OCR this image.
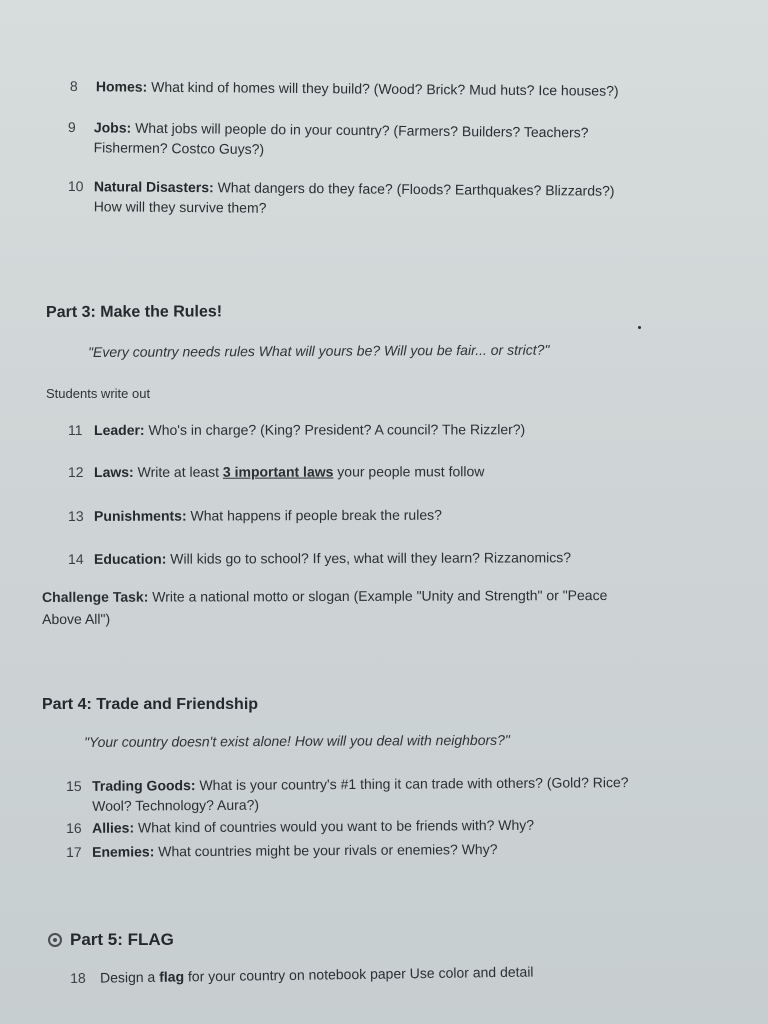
8 Homes: What kind of homes will they build? (Wood? Brick? Mud huts? Ice houses?)
9 Jobs: What jobs will people do in your country? (Farmers? Builders? Teachers?
Fishermen? Costco Guys?)
10 Natural Disasters: What dangers do they face? (Floods? Earthquakes? Blizzards?)
How will they survive them?
Part 3: Make the Rules!
"Every country needs rules What will yours be? Will you be fair... or strict?"
Students write out
11 Leader: Who's in charge? (King? President? A council? The Rizzler?)
12 Laws: Write at least 3 important laws your people must follow
13 Punishments: What happens if people break the rules?
14 Education: Will kids go to school? If yes, what will they learn? Rizzanomics?
Challenge Task: Write a national motto or slogan (Example "Unity and Strength" or "Peace
Above All")
Part 4: Trade and Friendship
"Your country doesn't exist alone! How will you deal with neighbors?"
15 Trading Goods: What is your country's #1 thing it can trade with others? (Gold? Rice?
Wool? Technology? Aura?)
16 Allies: What kind of countries would you want to be friends with? Why?
17 Enemies: What countries might be your rivals or enemies? Why?
Part 5: FLAG
18 Design a flag for your country on notebook paper Use color and detail
